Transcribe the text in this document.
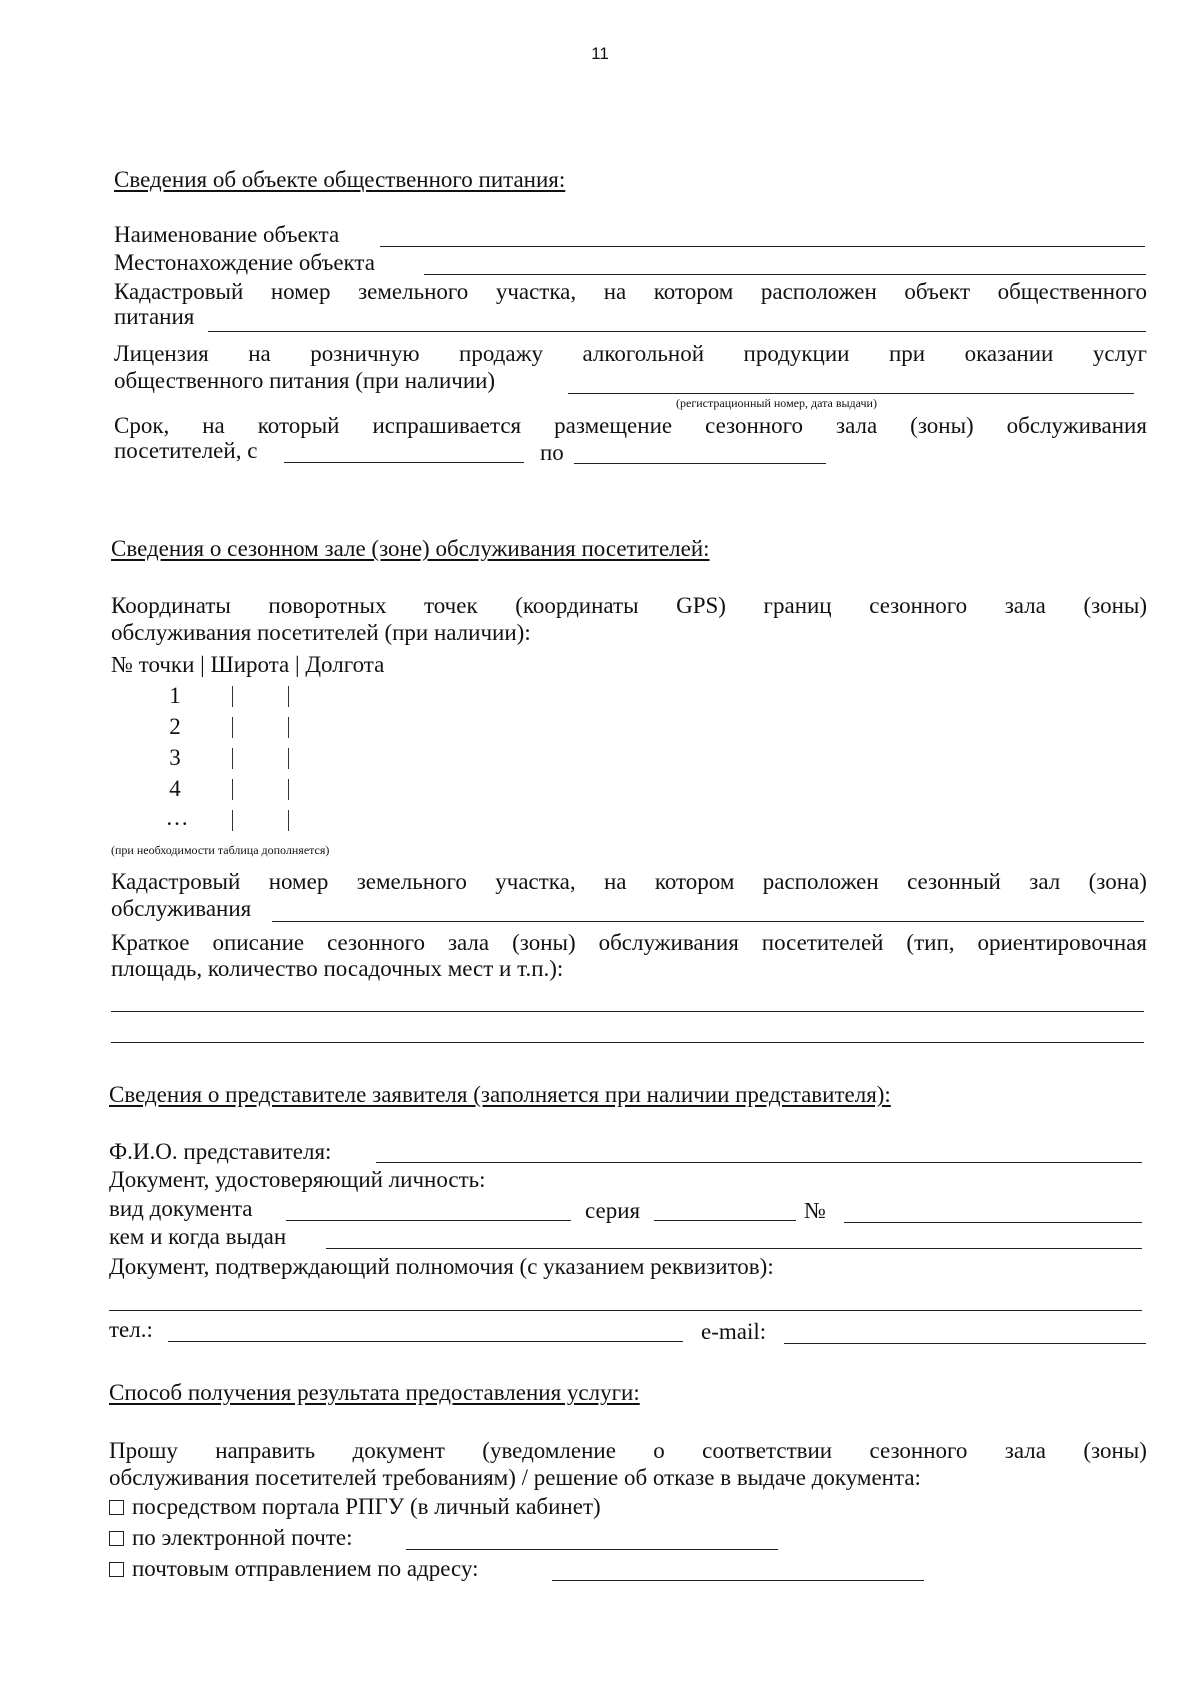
11
Сведения об объекте общественного питания:
Наименование объекта
Местонахождение объекта
Кадастровый номер земельного участка, на котором расположен объект общественного
питания
Лицензия на розничную продажу алкогольной продукции при оказании услуг
общественного питания (при наличии)
(регистрационный номер, дата выдачи)
Срок, на который испрашивается размещение сезонного зала (зоны) обслуживания
посетителей, с	по
Сведения о сезонном зале (зоне) обслуживания посетителей:
Координаты поворотных точек (координаты GPS) границ сезонного зала (зоны)
обслуживания посетителей (при наличии):
№ точки | Широта | Долгота
1
2
3
4
…
(при необходимости таблица дополняется)
Кадастровый номер земельного участка, на котором расположен сезонный зал (зона)
обслуживания
Краткое описание сезонного зала (зоны) обслуживания посетителей (тип, ориентировочная
площадь, количество посадочных мест и т.п.):
Сведения о представителе заявителя (заполняется при наличии представителя):
Ф.И.О. представителя:
Документ, удостоверяющий личность:
вид документа	серия	№
кем и когда выдан
Документ, подтверждающий полномочия (с указанием реквизитов):
тел.:	e-mail:
Способ получения результата предоставления услуги:
Прошу направить документ (уведомление о соответствии сезонного зала (зоны)
обслуживания посетителей требованиям) / решение об отказе в выдаче документа:
посредством портала РПГУ (в личный кабинет)
по электронной почте:
почтовым отправлением по адресу:
